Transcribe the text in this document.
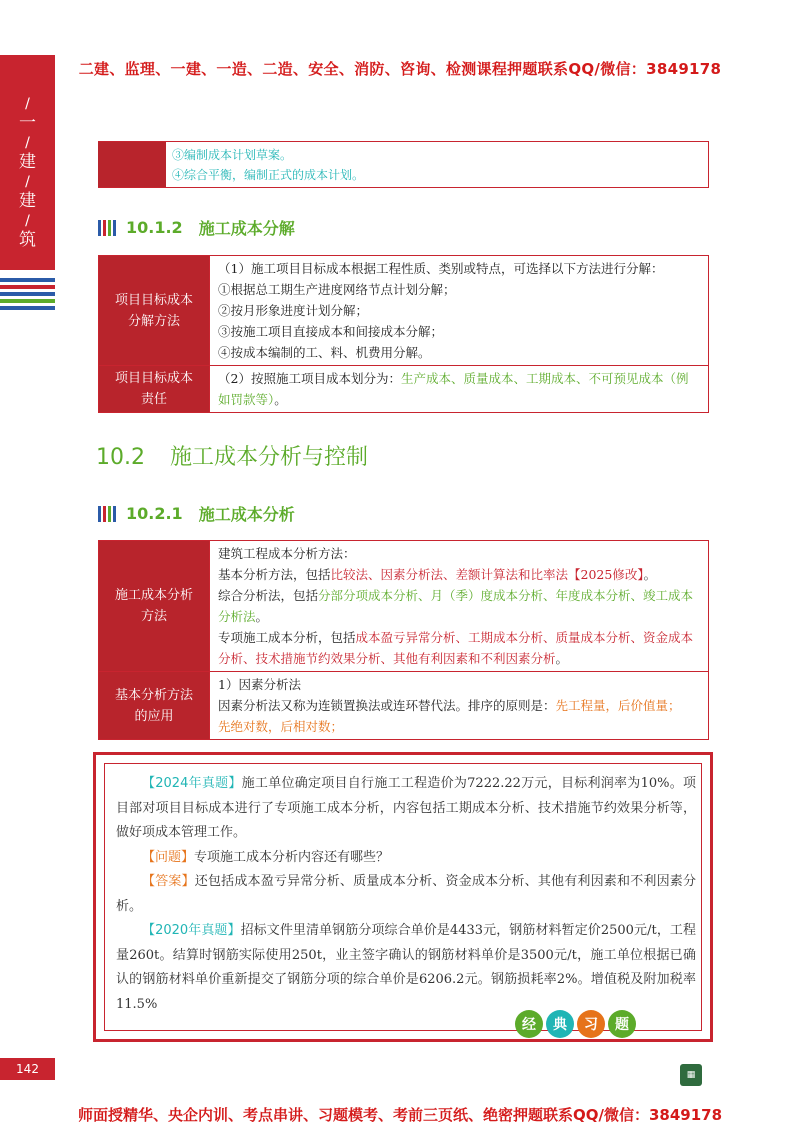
二建、监理、一建、一造、二造、安全、消防、咨询、检测课程押题联系QQ/微信：3849178
/
一
/
建
/
建
/
筑
③编制成本计划草案。
④综合平衡，编制正式的成本计划。
10.1.2 施工成本分解
项目目标成本分解方法	（1）施工项目目标成本根据工程性质、类别或特点，可选择以下方法进行分解：
①根据总工期生产进度网络节点计划分解；
②按月形象进度计划分解；
③按施工项目直接成本和间接成本分解；
④按成本编制的工、料、机费用分解。

项目目标成本责任	（2）按照施工项目成本划分为：生产成本、质量成本、工期成本、不可预见成本（例如罚款等）。
10.2 施工成本分析与控制
10.2.1 施工成本分析
施工成本分析方法	建筑工程成本分析方法：
基本分析方法，包括比较法、因素分析法、差额计算法和比率法【2025修改】。
综合分析法，包括分部分项成本分析、月（季）度成本分析、年度成本分析、竣工成本分析法。
专项施工成本分析，包括成本盈亏异常分析、工期成本分析、质量成本分析、资金成本分析、技术措施节约效果分析、其他有利因素和不利因素分析。

基本分析方法的应用	1）因素分析法
因素分析法又称为连锁置换法或连环替代法。排序的原则是：先工程量，后价值量；
先绝对数，后相对数；

【2024年真题】施工单位确定项目自行施工工程造价为7222.22万元，目标利润率为10%。项目部对项目目标成本进行了专项施工成本分析，内容包括工期成本分析、技术措施节约效果分析等，做好项成本管理工作。

【问题】专项施工成本分析内容还有哪些？

【答案】还包括成本盈亏异常分析、质量成本分析、资金成本分析、其他有利因素和不利因素分析。

【2020年真题】招标文件里清单钢筋分项综合单价是4433元，钢筋材料暂定价2500元/t，工程量260t。结算时钢筋实际使用250t，业主签字确认的钢筋材料单价是3500元/t，施工单位根据已确认的钢筋材料单价重新提交了钢筋分项的综合单价是6206.2元。钢筋损耗率2%。增值税及附加税率11.5%

经	典	习	题
142	▦
师面授精华、央企内训、考点串讲、习题模考、考前三页纸、绝密押题联系QQ/微信：3849178
